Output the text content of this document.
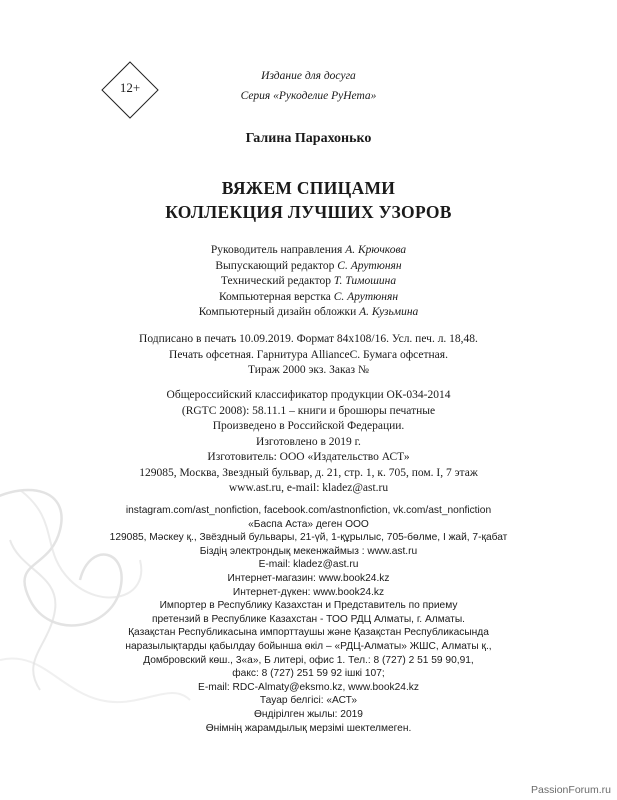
12+
Издание для досуга
Серия «Рукоделие РуНета»
Галина Парахонько
ВЯЖЕМ СПИЦАМИ
КОЛЛЕКЦИЯ ЛУЧШИХ УЗОРОВ
Руководитель направления А. Крючкова
Выпускающий редактор С. Арутюнян
Технический редактор Т. Тимошина
Компьютерная верстка С. Арутюнян
Компьютерный дизайн обложки А. Кузьмина
Подписано в печать 10.09.2019. Формат 84x108/16. Усл. печ. л. 18,48.
Печать офсетная. Гарнитура AllianceC. Бумага офсетная.
Тираж 2000 экз. Заказ №
Общероссийский классификатор продукции ОК-034-2014
(RGTC 2008): 58.11.1 – книги и брошюры печатные
Произведено в Российской Федерации.
Изготовлено в 2019 г.
Изготовитель: ООО «Издательство АСТ»
129085, Москва, Звездный бульвар, д. 21, стр. 1, к. 705, пом. I, 7 этаж
www.ast.ru, e-mail: kladez@ast.ru
instagram.com/ast_nonfiction, facebook.com/astnonfiction, vk.com/ast_nonfiction
«Баспа Аста» деген ООО
129085, Мәскеу қ., Звёздный бульвары, 21-үй, 1-құрылыс, 705-бөлме, I жай, 7-қабат
Біздің электрондық мекенжаймыз : www.ast.ru
E-mail: kladez@ast.ru
Интернет-магазин: www.book24.kz
Интернет-дүкен: www.book24.kz
Импортер в Республику Казахстан и Представитель по приему
претензий в Республике Казахстан - ТОО РДЦ Алматы, г. Алматы.
Қазақстан Республикасына импорттаушы және Қазақстан Республикасында
наразылықтарды қабылдау бойынша өкіл – «РДЦ-Алматы» ЖШС, Алматы қ.,
Домбровский көш., 3«а», Б литері, офис 1. Тел.: 8 (727) 2 51 59 90,91,
факс: 8 (727) 251 59 92 ішкі 107;
E-mail: RDC-Almaty@eksmo.kz, www.book24.kz
Тауар белгісі: «АСТ»
Өндірілген жылы: 2019
Өнімнің жарамдылық мерзімі шектелмеген.
PassionForum.ru
